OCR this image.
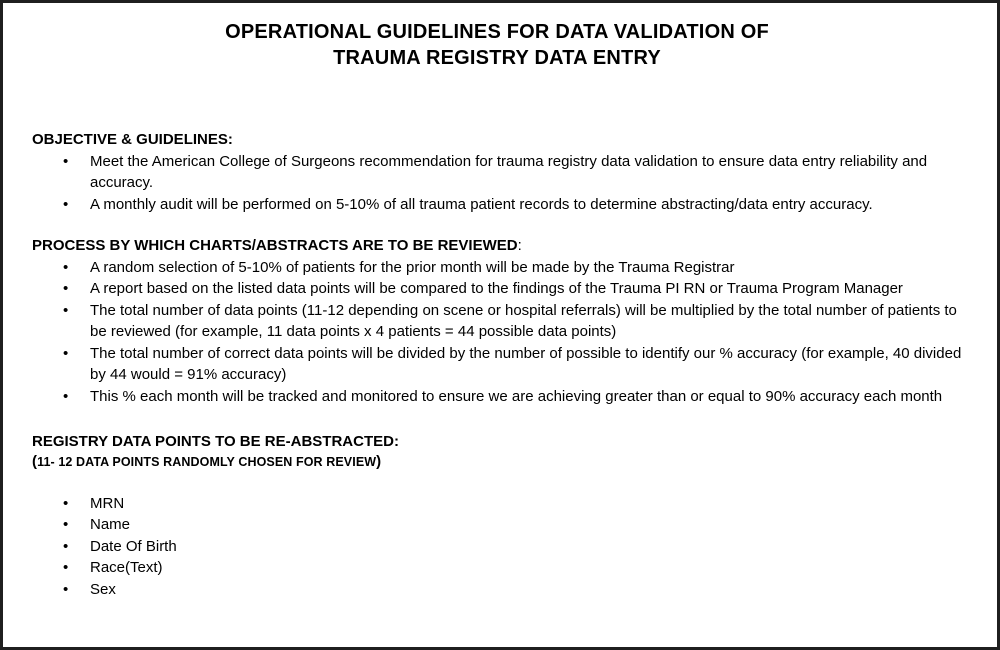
OPERATIONAL GUIDELINES FOR DATA VALIDATION OF
TRAUMA REGISTRY DATA ENTRY
OBJECTIVE & GUIDELINES:
• Meet the American College of Surgeons recommendation for trauma registry data validation to ensure data entry reliability and accuracy.
• A monthly audit will be performed on 5-10% of all trauma patient records to determine abstracting/data entry accuracy.
PROCESS BY WHICH CHARTS/ABSTRACTS ARE TO BE REVIEWED:
• A random selection of 5-10% of patients for the prior month will be made by the Trauma Registrar
• A report based on the listed data points will be compared to the findings of the Trauma PI RN or Trauma Program Manager
• The total number of data points (11-12 depending on scene or hospital referrals) will be multiplied by the total number of patients to be reviewed (for example, 11 data points x 4 patients = 44 possible data points)
• The total number of correct data points will be divided by the number of possible to identify our % accuracy (for example, 40 divided by 44 would = 91% accuracy)
• This % each month will be tracked and monitored to ensure we are achieving greater than or equal to 90% accuracy each month
REGISTRY DATA POINTS TO BE RE-ABSTRACTED:
(11- 12 DATA POINTS RANDOMLY CHOSEN FOR REVIEW)
• MRN
• Name
• Date Of Birth
• Race(Text)
• Sex
